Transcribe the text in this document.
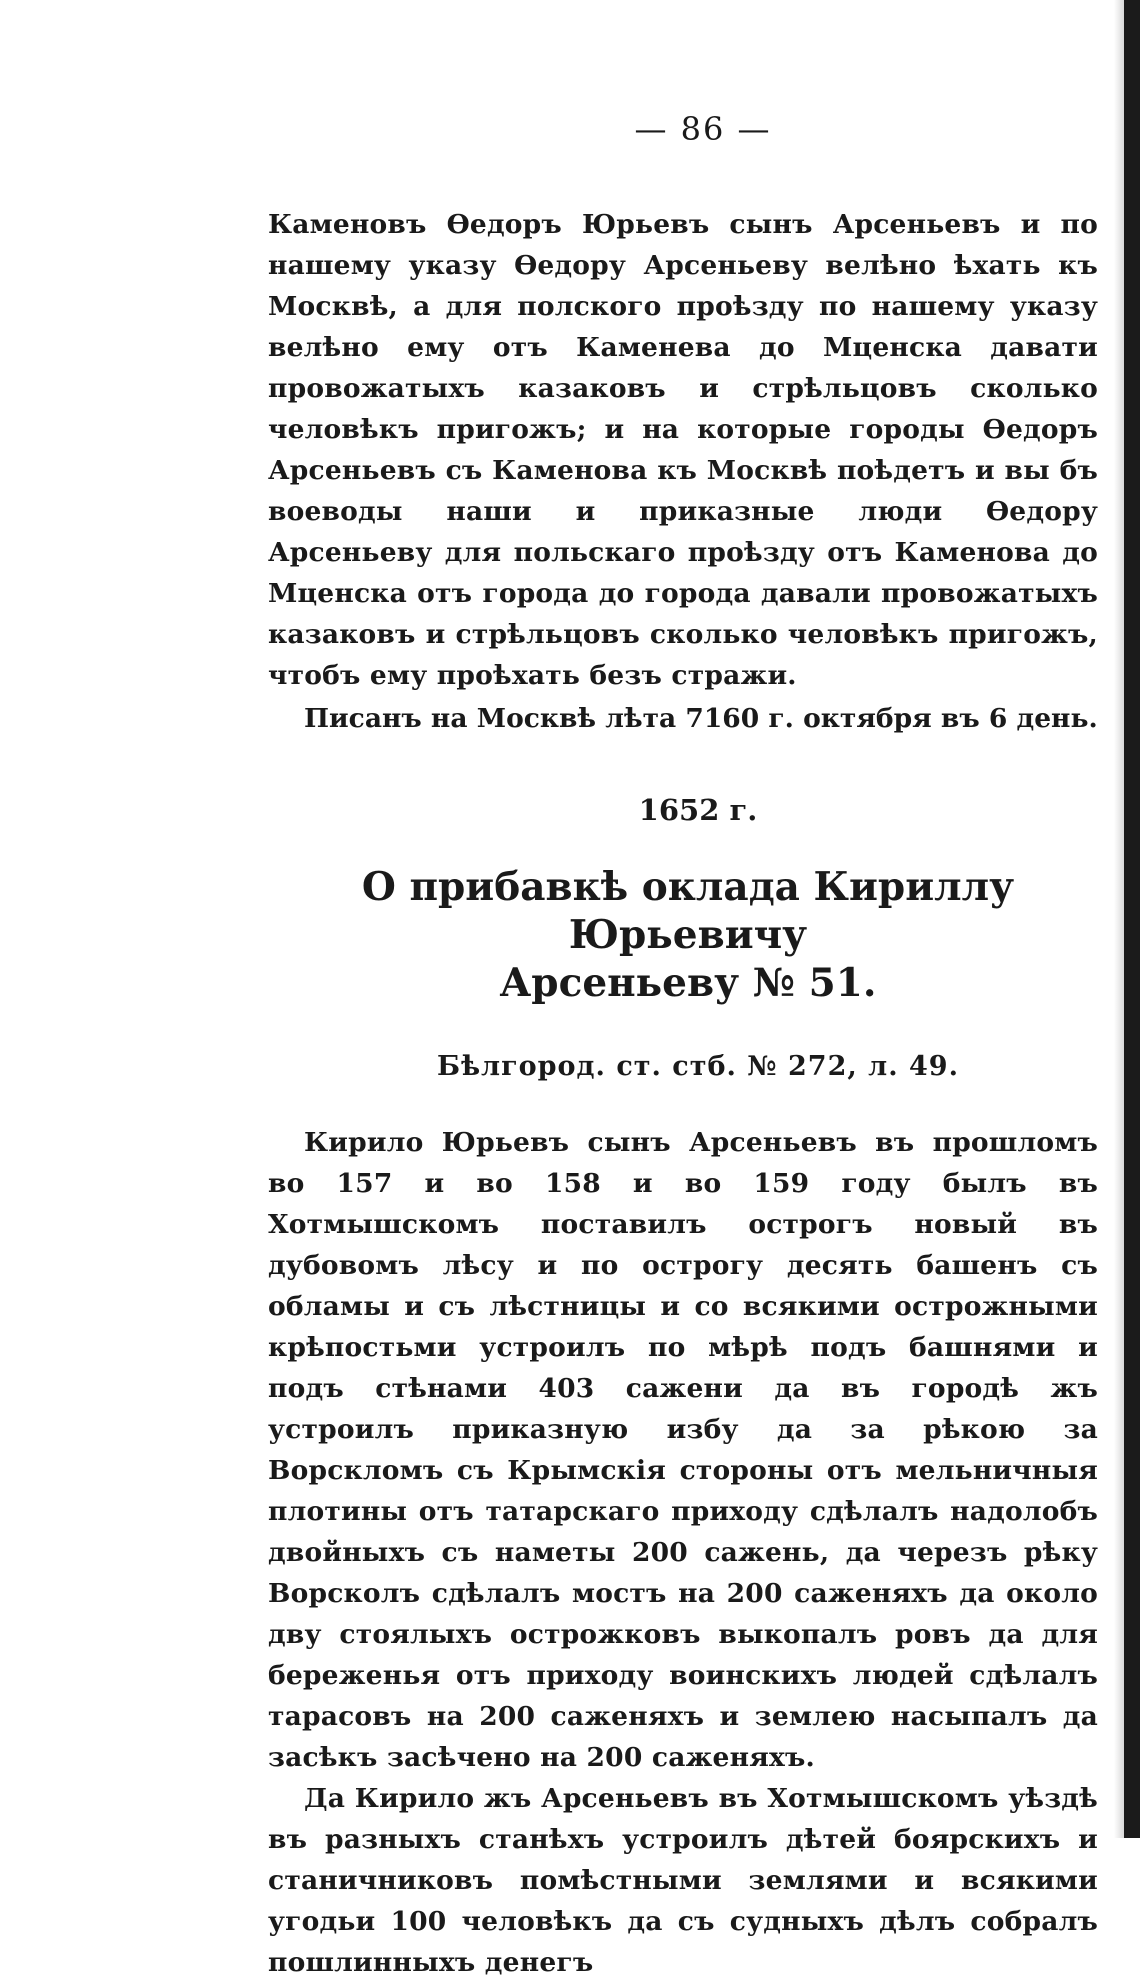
— 86 —

Каменовъ Өедоръ Юрьевъ сынъ Арсеньевъ и по нашему указу Өедору Арсеньеву велѣно ѣхать къ Москвѣ, а для полского проѣзду по нашему указу велѣно ему отъ Каменева до Мценска давати провожатыхъ казаковъ и стрѣльцовъ сколько человѣкъ пригожъ; и на которые городы Өедоръ Арсеньевъ съ Каменова къ Москвѣ поѣдетъ и вы бъ воеводы наши и приказные люди Өедору Арсеньеву для польскаго проѣзду отъ Каменова до Мценска отъ города до города давали провожатыхъ казаковъ и стрѣльцовъ сколько человѣкъ пригожъ, чтобъ ему проѣхать безъ стражи.

Писанъ на Москвѣ лѣта 7160 г. октября въ 6 день.
1652 г.
О прибавкѣ оклада Кириллу Юрьевичу
Арсеньеву № 51.
Бѣлгород. ст. стб. № 272, л. 49.

Кирило Юрьевъ сынъ Арсеньевъ въ прошломъ во 157 и во 158 и во 159 году былъ въ Хотмышскомъ поставилъ острогъ новый въ дубовомъ лѣсу и по острогу десять башенъ съ обламы и съ лѣстницы и со всякими острожными крѣпостьми устроилъ по мѣрѣ подъ башнями и подъ стѣнами 403 сажени да въ городѣ жъ устроилъ приказную избу да за рѣкою за Ворскломъ съ Крымскія стороны отъ мельничныя плотины отъ татарскаго приходу сдѣлалъ надолобъ двойныхъ съ наметы 200 сажень, да черезъ рѣку Ворсколъ сдѣлалъ мостъ на 200 саженяхъ да около дву стоялыхъ острожковъ выкопалъ ровъ да для береженья отъ приходу воинскихъ людей сдѣлалъ тарасовъ на 200 саженяхъ и землею насыпалъ да засѣкъ засѣчено на 200 саженяхъ.

Да Кирило жъ Арсеньевъ въ Хотмышскомъ уѣздѣ въ разныхъ станѣхъ устроилъ дѣтей боярскихъ и станичниковъ помѣстными землями и всякими угодьи 100 человѣкъ да съ судныхъ дѣлъ собралъ пошлинныхъ денегъ
